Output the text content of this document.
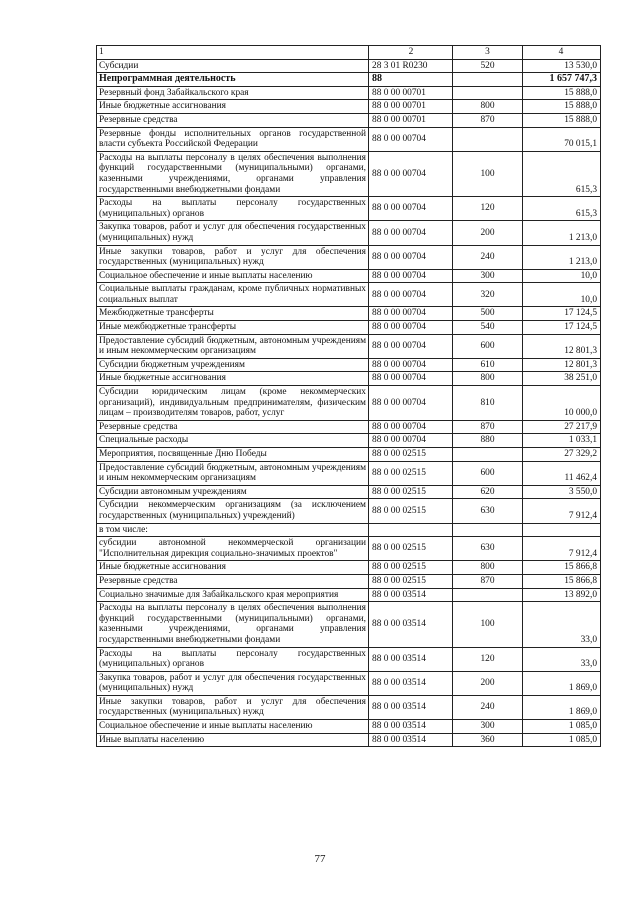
1	2	3	4
Субсидии	28 3 01 R0230	520	13 530,0
Непрограммная деятельность	88		1 657 747,3
Резервный фонд Забайкальского края	88 0 00 00701		15 888,0
Иные бюджетные ассигнования	88 0 00 00701	800	15 888,0
Резервные средства	88 0 00 00701	870	15 888,0
Резервные фонды исполнительных органов государственной власти субъекта Российской Федерации	88 0 00 00704		70 015,1
Расходы на выплаты персоналу в целях обеспечения выполнения функций государственными (муниципальными) органами, казенными учреждениями, органами управления государственными внебюджетными фондами	88 0 00 00704	100	615,3
Расходы на выплаты персоналу государственных (муниципальных) органов	88 0 00 00704	120	615,3
Закупка товаров, работ и услуг для обеспечения государственных (муниципальных) нужд	88 0 00 00704	200	1 213,0
Иные закупки товаров, работ и услуг для обеспечения государственных (муниципальных) нужд	88 0 00 00704	240	1 213,0
Социальное обеспечение и иные выплаты населению	88 0 00 00704	300	10,0
Социальные выплаты гражданам, кроме публичных нормативных социальных выплат	88 0 00 00704	320	10,0
Межбюджетные трансферты	88 0 00 00704	500	17 124,5
Иные межбюджетные трансферты	88 0 00 00704	540	17 124,5
Предоставление субсидий бюджетным, автономным учреждениям и иным некоммерческим организациям	88 0 00 00704	600	12 801,3
Субсидии бюджетным учреждениям	88 0 00 00704	610	12 801,3
Иные бюджетные ассигнования	88 0 00 00704	800	38 251,0
Субсидии юридическим лицам (кроме некоммерческих организаций), индивидуальным предпринимателям, физическим лицам – производителям товаров, работ, услуг	88 0 00 00704	810	10 000,0
Резервные средства	88 0 00 00704	870	27 217,9
Специальные расходы	88 0 00 00704	880	1 033,1
Мероприятия, посвященные Дню Победы	88 0 00 02515		27 329,2
Предоставление субсидий бюджетным, автономным учреждениям и иным некоммерческим организациям	88 0 00 02515	600	11 462,4
Субсидии автономным учреждениям	88 0 00 02515	620	3 550,0
Субсидии некоммерческим организациям (за исключением государственных (муниципальных) учреждений)	88 0 00 02515	630	7 912,4
в том числе:			
субсидии автономной некоммерческой организации "Исполнительная дирекция социально-значимых проектов"	88 0 00 02515	630	7 912,4
Иные бюджетные ассигнования	88 0 00 02515	800	15 866,8
Резервные средства	88 0 00 02515	870	15 866,8
Социально значимые для Забайкальского края мероприятия	88 0 00 03514		13 892,0
Расходы на выплаты персоналу в целях обеспечения выполнения функций государственными (муниципальными) органами, казенными учреждениями, органами управления государственными внебюджетными фондами	88 0 00 03514	100	33,0
Расходы на выплаты персоналу государственных (муниципальных) органов	88 0 00 03514	120	33,0
Закупка товаров, работ и услуг для обеспечения государственных (муниципальных) нужд	88 0 00 03514	200	1 869,0
Иные закупки товаров, работ и услуг для обеспечения государственных (муниципальных) нужд	88 0 00 03514	240	1 869,0
Социальное обеспечение и иные выплаты населению	88 0 00 03514	300	1 085,0
Иные выплаты населению	88 0 00 03514	360	1 085,0
77
